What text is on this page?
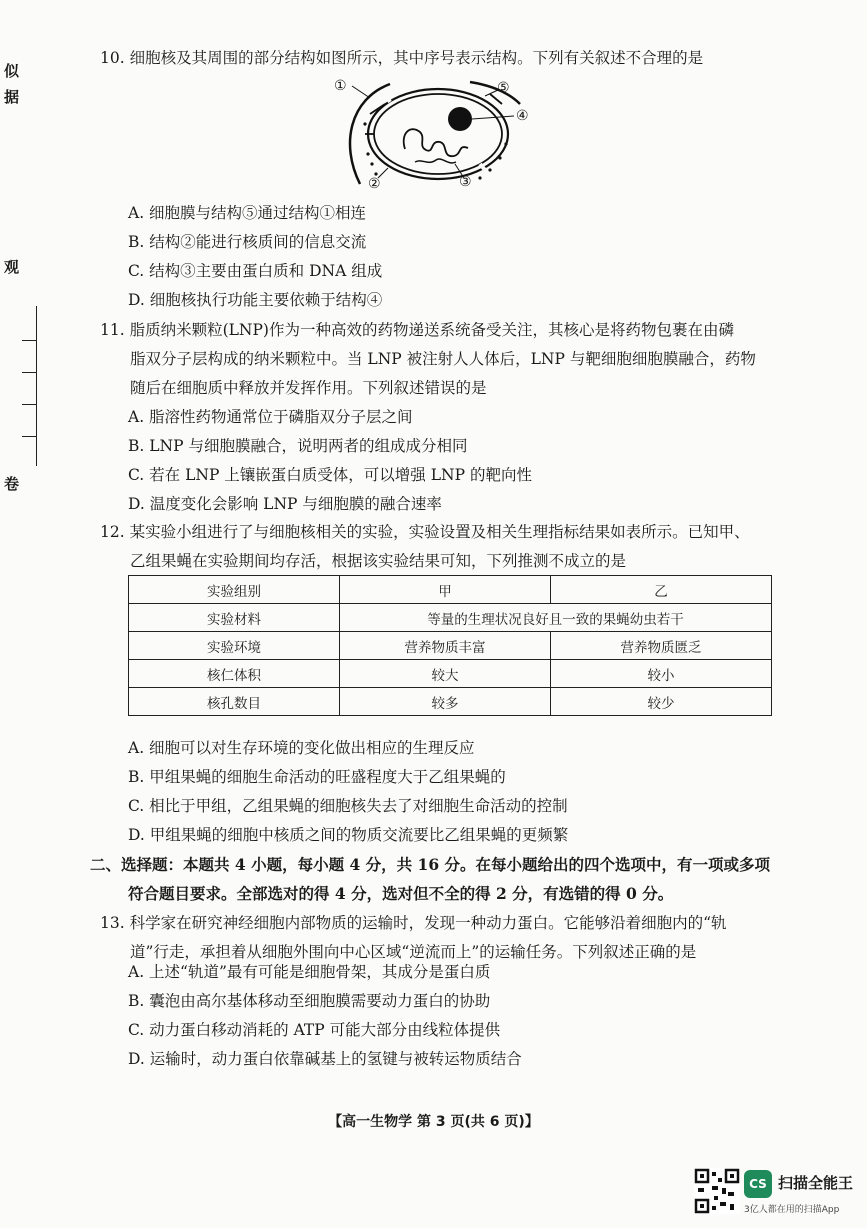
似
据
观
卷
10. 细胞核及其周围的部分结构如图所示，其中序号表示结构。下列有关叙述不合理的是
①
②	③
④
⑤
A. 细胞膜与结构⑤通过结构①相连
B. 结构②能进行核质间的信息交流
C. 结构③主要由蛋白质和 DNA 组成
D. 细胞核执行功能主要依赖于结构④
11. 脂质纳米颗粒(LNP)作为一种高效的药物递送系统备受关注，其核心是将药物包裹在由磷
脂双分子层构成的纳米颗粒中。当 LNP 被注射人人体后，LNP 与靶细胞细胞膜融合，药物
随后在细胞质中释放并发挥作用。下列叙述错误的是
A. 脂溶性药物通常位于磷脂双分子层之间
B. LNP 与细胞膜融合，说明两者的组成成分相同
C. 若在 LNP 上镶嵌蛋白质受体，可以增强 LNP 的靶向性
D. 温度变化会影响 LNP 与细胞膜的融合速率
12. 某实验小组进行了与细胞核相关的实验，实验设置及相关生理指标结果如表所示。已知甲、
乙组果蝇在实验期间均存活，根据该实验结果可知，下列推测不成立的是
实验组别	甲	乙
实验材料	等量的生理状况良好且一致的果蝇幼虫若干	
实验环境	营养物质丰富	营养物质匮乏
核仁体积	较大	较小
核孔数目	较多	较少
A. 细胞可以对生存环境的变化做出相应的生理反应
B. 甲组果蝇的细胞生命活动的旺盛程度大于乙组果蝇的
C. 相比于甲组，乙组果蝇的细胞核失去了对细胞生命活动的控制
D. 甲组果蝇的细胞中核质之间的物质交流要比乙组果蝇的更频繁
二、选择题：本题共 4 小题，每小题 4 分，共 16 分。在每小题给出的四个选项中，有一项或多项
符合题目要求。全部选对的得 4 分，选对但不全的得 2 分，有选错的得 0 分。
13. 科学家在研究神经细胞内部物质的运输时，发现一种动力蛋白。它能够沿着细胞内的“轨
道”行走，承担着从细胞外围向中心区域“逆流而上”的运输任务。下列叙述正确的是
A. 上述“轨道”最有可能是细胞骨架，其成分是蛋白质
B. 囊泡由高尔基体移动至细胞膜需要动力蛋白的协助
C. 动力蛋白移动消耗的 ATP 可能大部分由线粒体提供
D. 运输时，动力蛋白依靠碱基上的氢键与被转运物质结合
【高一生物学 第 3 页(共 6 页)】
CS 扫描全能王
3亿人都在用的扫描App
